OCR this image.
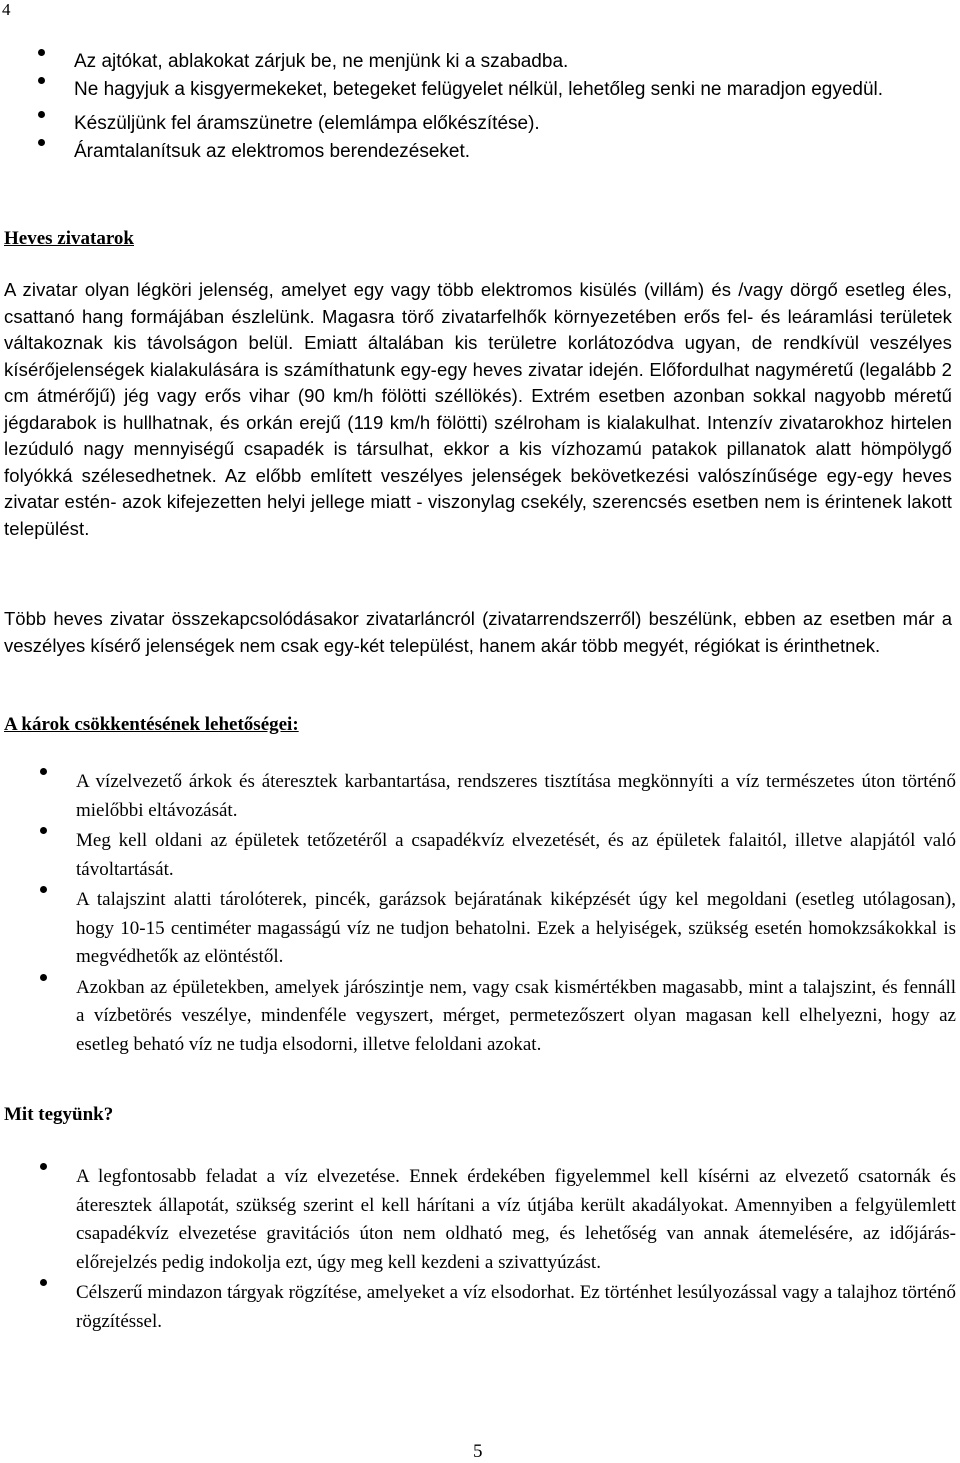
4
Az ajtókat, ablakokat zárjuk be, ne menjünk ki a szabadba.
Ne hagyjuk a kisgyermekeket, betegeket felügyelet nélkül, lehetőleg senki ne maradjon egyedül.
Készüljünk fel áramszünetre (elemlámpa előkészítése).
Áramtalanítsuk az elektromos berendezéseket.
Heves zivatarok

A zivatar olyan légköri jelenség, amelyet egy vagy több elektromos kisülés (villám) és /vagy dörgő esetleg éles, csattanó hang formájában észlelünk. Magasra törő zivatarfelhők környezetében erős fel- és leáramlási területek váltakoznak kis távolságon belül. Emiatt általában kis területre korlátozódva ugyan, de rendkívül veszélyes kísérőjelenségek kialakulására is számíthatunk egy-egy heves zivatar idején. Előfordulhat nagyméretű (legalább 2 cm átmérőjű) jég vagy erős vihar (90 km/h fölötti széllökés). Extrém esetben azonban sokkal nagyobb méretű jégdarabok is hullhatnak, és orkán erejű (119 km/h fölötti) szélroham is kialakulhat. Intenzív zivatarokhoz hirtelen lezúduló nagy mennyiségű csapadék is társulhat, ekkor a kis vízhozamú patakok pillanatok alatt hömpölygő folyókká szélesedhetnek. Az előbb említett veszélyes jelenségek bekövetkezési valószínűsége egy-egy heves zivatar estén- azok kifejezetten helyi jellege miatt - viszonylag csekély, szerencsés esetben nem is érintenek lakott települést.

Több heves zivatar összekapcsolódásakor zivatarláncról (zivatarrendszerről) beszélünk, ebben az esetben már a veszélyes kísérő jelenségek nem csak egy-két települést, hanem akár több megyét, régiókat is érinthetnek.

A károk csökkentésének lehetőségei:
A vízelvezető árkok és áteresztek karbantartása, rendszeres tisztítása megkönnyíti a víz természetes úton történő mielőbbi eltávozását.
Meg kell oldani az épületek tetőzetéről a csapadékvíz elvezetését, és az épületek falaitól, illetve alapjától való távoltartását.
A talajszint alatti tárolóterek, pincék, garázsok bejáratának kiképzését úgy kel megoldani (esetleg utólagosan), hogy 10-15 centiméter magasságú víz ne tudjon behatolni. Ezek a helyiségek, szükség esetén homokzsákokkal is megvédhetők az elöntéstől.
Azokban az épületekben, amelyek járószintje nem, vagy csak kismértékben magasabb, mint a talajszint, és fennáll a vízbetörés veszélye, mindenféle vegyszert, mérget, permetezőszert olyan magasan kell elhelyezni, hogy az esetleg beható víz ne tudja elsodorni, illetve feloldani azokat.
Mit tegyünk?
A legfontosabb feladat a víz elvezetése. Ennek érdekében figyelemmel kell kísérni az elvezető csatornák és áteresztek állapotát, szükség szerint el kell hárítani a víz útjába került akadályokat. Amennyiben a felgyülemlett csapadékvíz elvezetése gravitációs úton nem oldható meg, és lehetőség van annak átemelésére, az időjárás-előrejelzés pedig indokolja ezt, úgy meg kell kezdeni a szivattyúzást.
Célszerű mindazon tárgyak rögzítése, amelyeket a víz elsodorhat. Ez történhet lesúlyozással vagy a talajhoz történő rögzítéssel.
5
